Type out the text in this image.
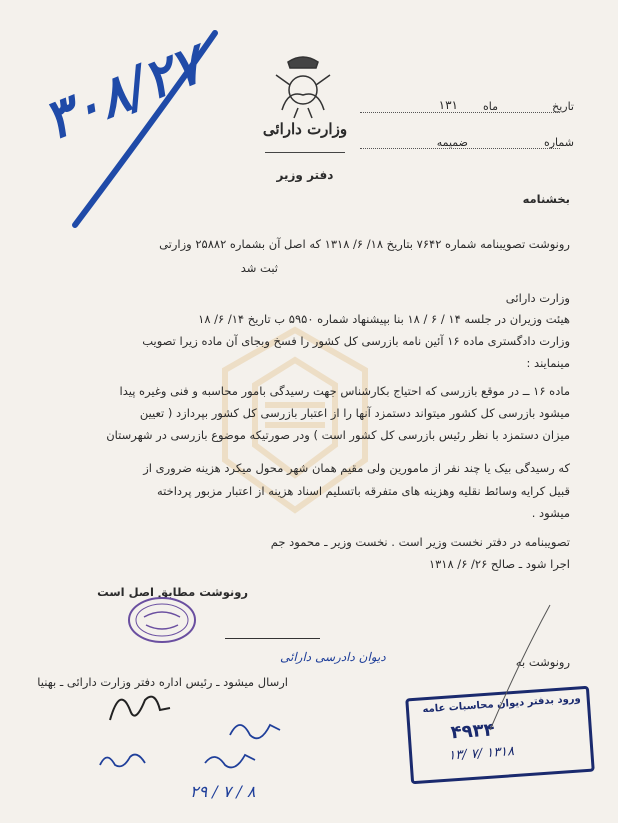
تاریخ
ماه
۱۳۱
شماره
ضمیمه
وزارت دارائی
دفتر وزیر
۳۰۸/۲۷
بخشنامه
رونوشت تصویبنامه شماره ۷۶۴۲ بتاریخ ۱۸/ ۶/ ۱۳۱۸ که اصل آن بشماره ۲۵۸۸۲ وزارتی
ثبت شد
وزارت دارائی
هیئت وزیران در جلسه ۱۴ / ۶ / ۱۸ بنا بپیشنهاد شماره ۵۹۵۰ ب تاریخ ۱۴/ ۶/ ۱۸
وزارت دادگستری ماده ۱۶ آئین نامه بازرسی کل کشور را فسخ وبجای آن ماده زیرا تصویب
مینمایند :
ماده ۱۶ ــ در موقع بازرسی که احتیاج بکارشناس جهت رسیدگی بامور محاسبه و فنی وغیره پیدا
میشود بازرسی کل کشور میتواند دستمزد آنها را از اعتبار بازرسی کل کشور بپردازد ( تعیین
میزان دستمزد با نظر رئیس بازرسی کل کشور است ) ودر صورتیکه موضوع بازرسی در شهرستان
که رسیدگی بیک یا چند نفر از مامورین ولی مقیم همان شهر محول میکرد هزینه ضروری از
قبیل کرایه وسائط نقلیه وهزینه های متفرقه باتسلیم اسناد هزینه از اعتبار مزبور پرداخته
میشود .
تصویبنامه در دفتر نخست وزیر است . نخست وزیر ـ محمود جم
اجرا شود ـ صالح ۲۶/ ۶/ ۱۳۱۸
رونوشت مطابق اصل است
رونوشت به
دیوان دادرسی دارائی
ارسال میشود ـ رئیس اداره دفتر وزارت دارائی ـ بهنیا
ورود بدفتر دیوان محاسبات عامه
۴۹۳۴
۱۳/ ۷/ ۱۳۱۸
۲۹ / ۷ / ۸
